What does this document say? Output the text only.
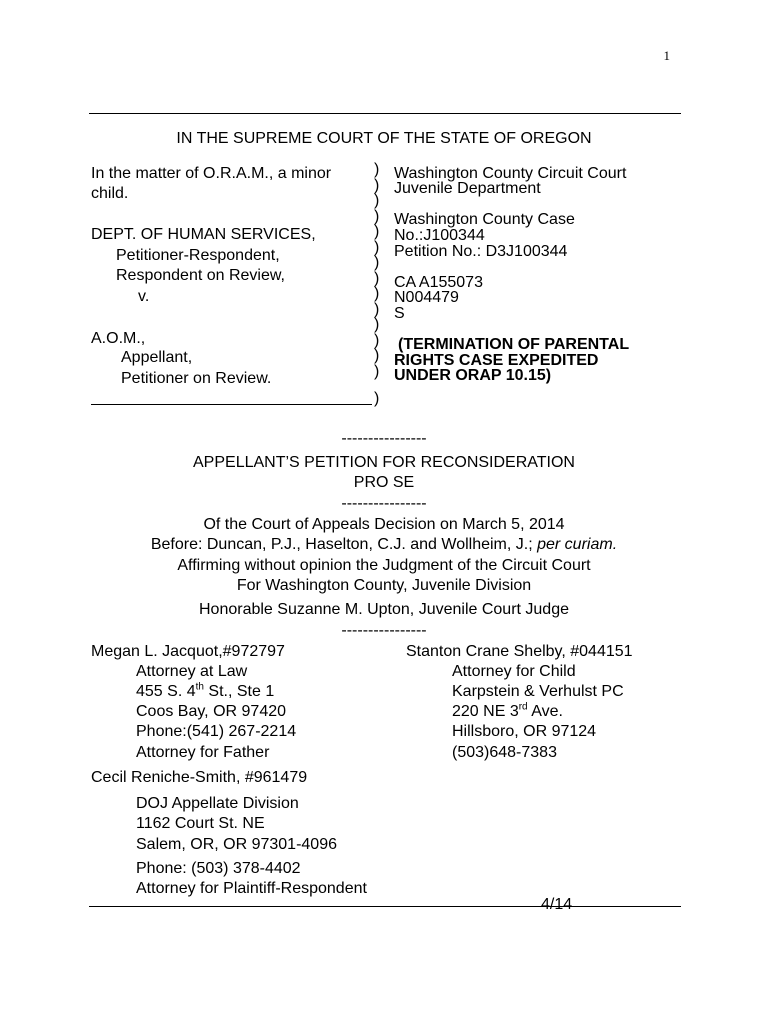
1
IN THE SUPREME COURT OF THE STATE OF OREGON
In the matter of O.R.A.M., a minor
child.
DEPT. OF HUMAN SERVICES,
Petitioner-Respondent,
Respondent on Review,
v.
A.O.M.,
Appellant,
Petitioner on Review.
)
)
)
)
)
)
)
)
)
)
)
)
)
)
)
Washington County Circuit Court
Juvenile Department
Washington County Case
No.:J100344
Petition No.: D3J100344
CA A155073
N004479
S
(TERMINATION OF PARENTAL
RIGHTS CASE EXPEDITED
UNDER ORAP 10.15)
----------------
APPELLANT’S PETITION FOR RECONSIDERATION
PRO SE
----------------
Of the Court of Appeals Decision on March 5, 2014
Before: Duncan, P.J., Haselton, C.J. and Wollheim, J.; per curiam.
Affirming without opinion the Judgment of the Circuit Court
For Washington County, Juvenile Division
Honorable Suzanne M. Upton, Juvenile Court Judge
----------------
Megan L. Jacquot,#972797
Attorney at Law
455 S. 4th St., Ste 1
Coos Bay, OR 97420
Phone:(541) 267-2214
Attorney for Father
Stanton Crane Shelby, #044151
Attorney for Child
Karpstein & Verhulst PC
220 NE 3rd Ave.
Hillsboro, OR 97124
(503)648-7383
Cecil Reniche-Smith, #961479
DOJ Appellate Division
1162 Court St. NE
Salem, OR, OR 97301-4096
Phone: (503) 378-4402
Attorney for Plaintiff-Respondent
4/14
